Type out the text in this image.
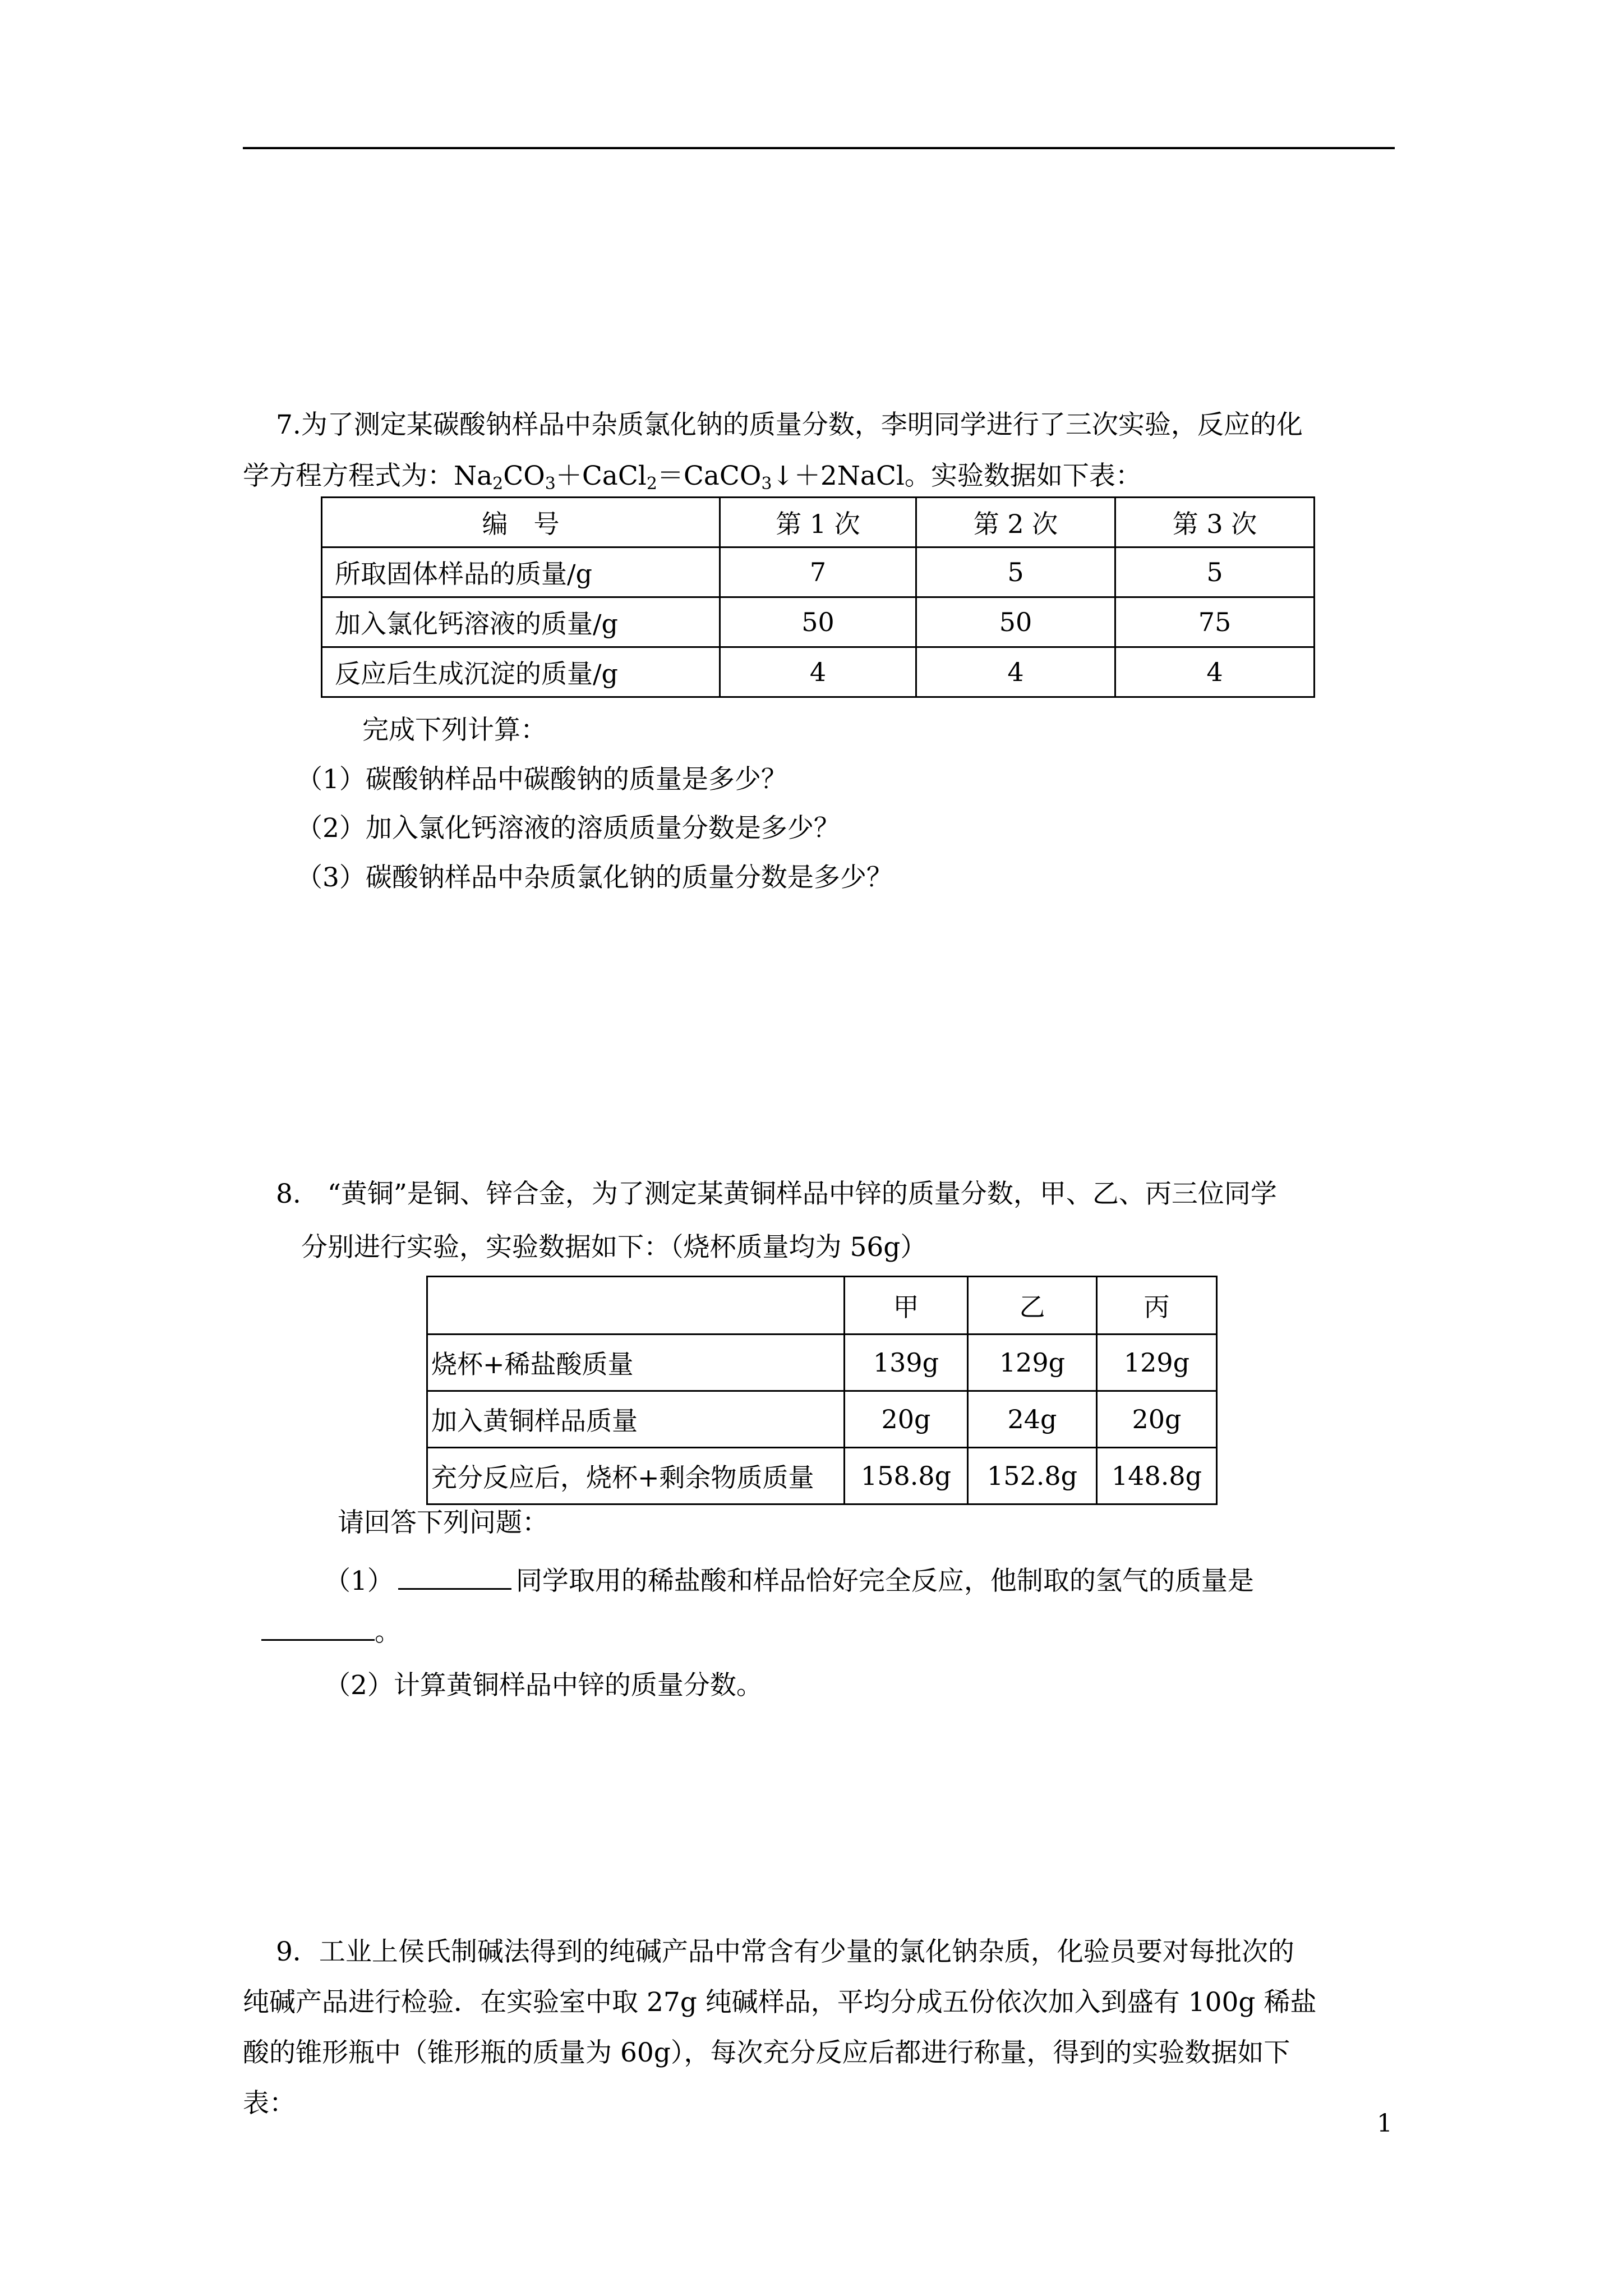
7.为了测定某碳酸钠样品中杂质氯化钠的质量分数，李明同学进行了三次实验，反应的化
学方程方程式为：$Na_2CO_3+CaCl_2=CaCO_3↓+2NaCl$。实验数据如下表：
编　号	第 1 次	第 2 次	第 3 次
所取固体样品的质量/g	7	5	5
加入氯化钙溶液的质量/g	50	50	75
反应后生成沉淀的质量/g	4	4	4
完成下列计算：
（1）碳酸钠样品中碳酸钠的质量是多少？
（2）加入氯化钙溶液的溶质质量分数是多少？
（3）碳酸钠样品中杂质氯化钠的质量分数是多少？
8.　“黄铜”是铜、锌合金，为了测定某黄铜样品中锌的质量分数，甲、乙、丙三位同学
分别进行实验，实验数据如下：（烧杯质量均为 56g）
	甲	乙	丙
烧杯+稀盐酸质量	139g	129g	129g
加入黄铜样品质量	20g	24g	20g
充分反应后，烧杯+剩余物质质量	158.8g	152.8g	148.8g
请回答下列问题：
（1）	同学取用的稀盐酸和样品恰好完全反应，他制取的氢气的质量是
。
（2）计算黄铜样品中锌的质量分数。
9．工业上侯氏制碱法得到的纯碱产品中常含有少量的氯化钠杂质，化验员要对每批次的
纯碱产品进行检验．在实验室中取 27g 纯碱样品，平均分成五份依次加入到盛有 100g 稀盐
酸的锥形瓶中（锥形瓶的质量为 60g），每次充分反应后都进行称量，得到的实验数据如下
表：
1
